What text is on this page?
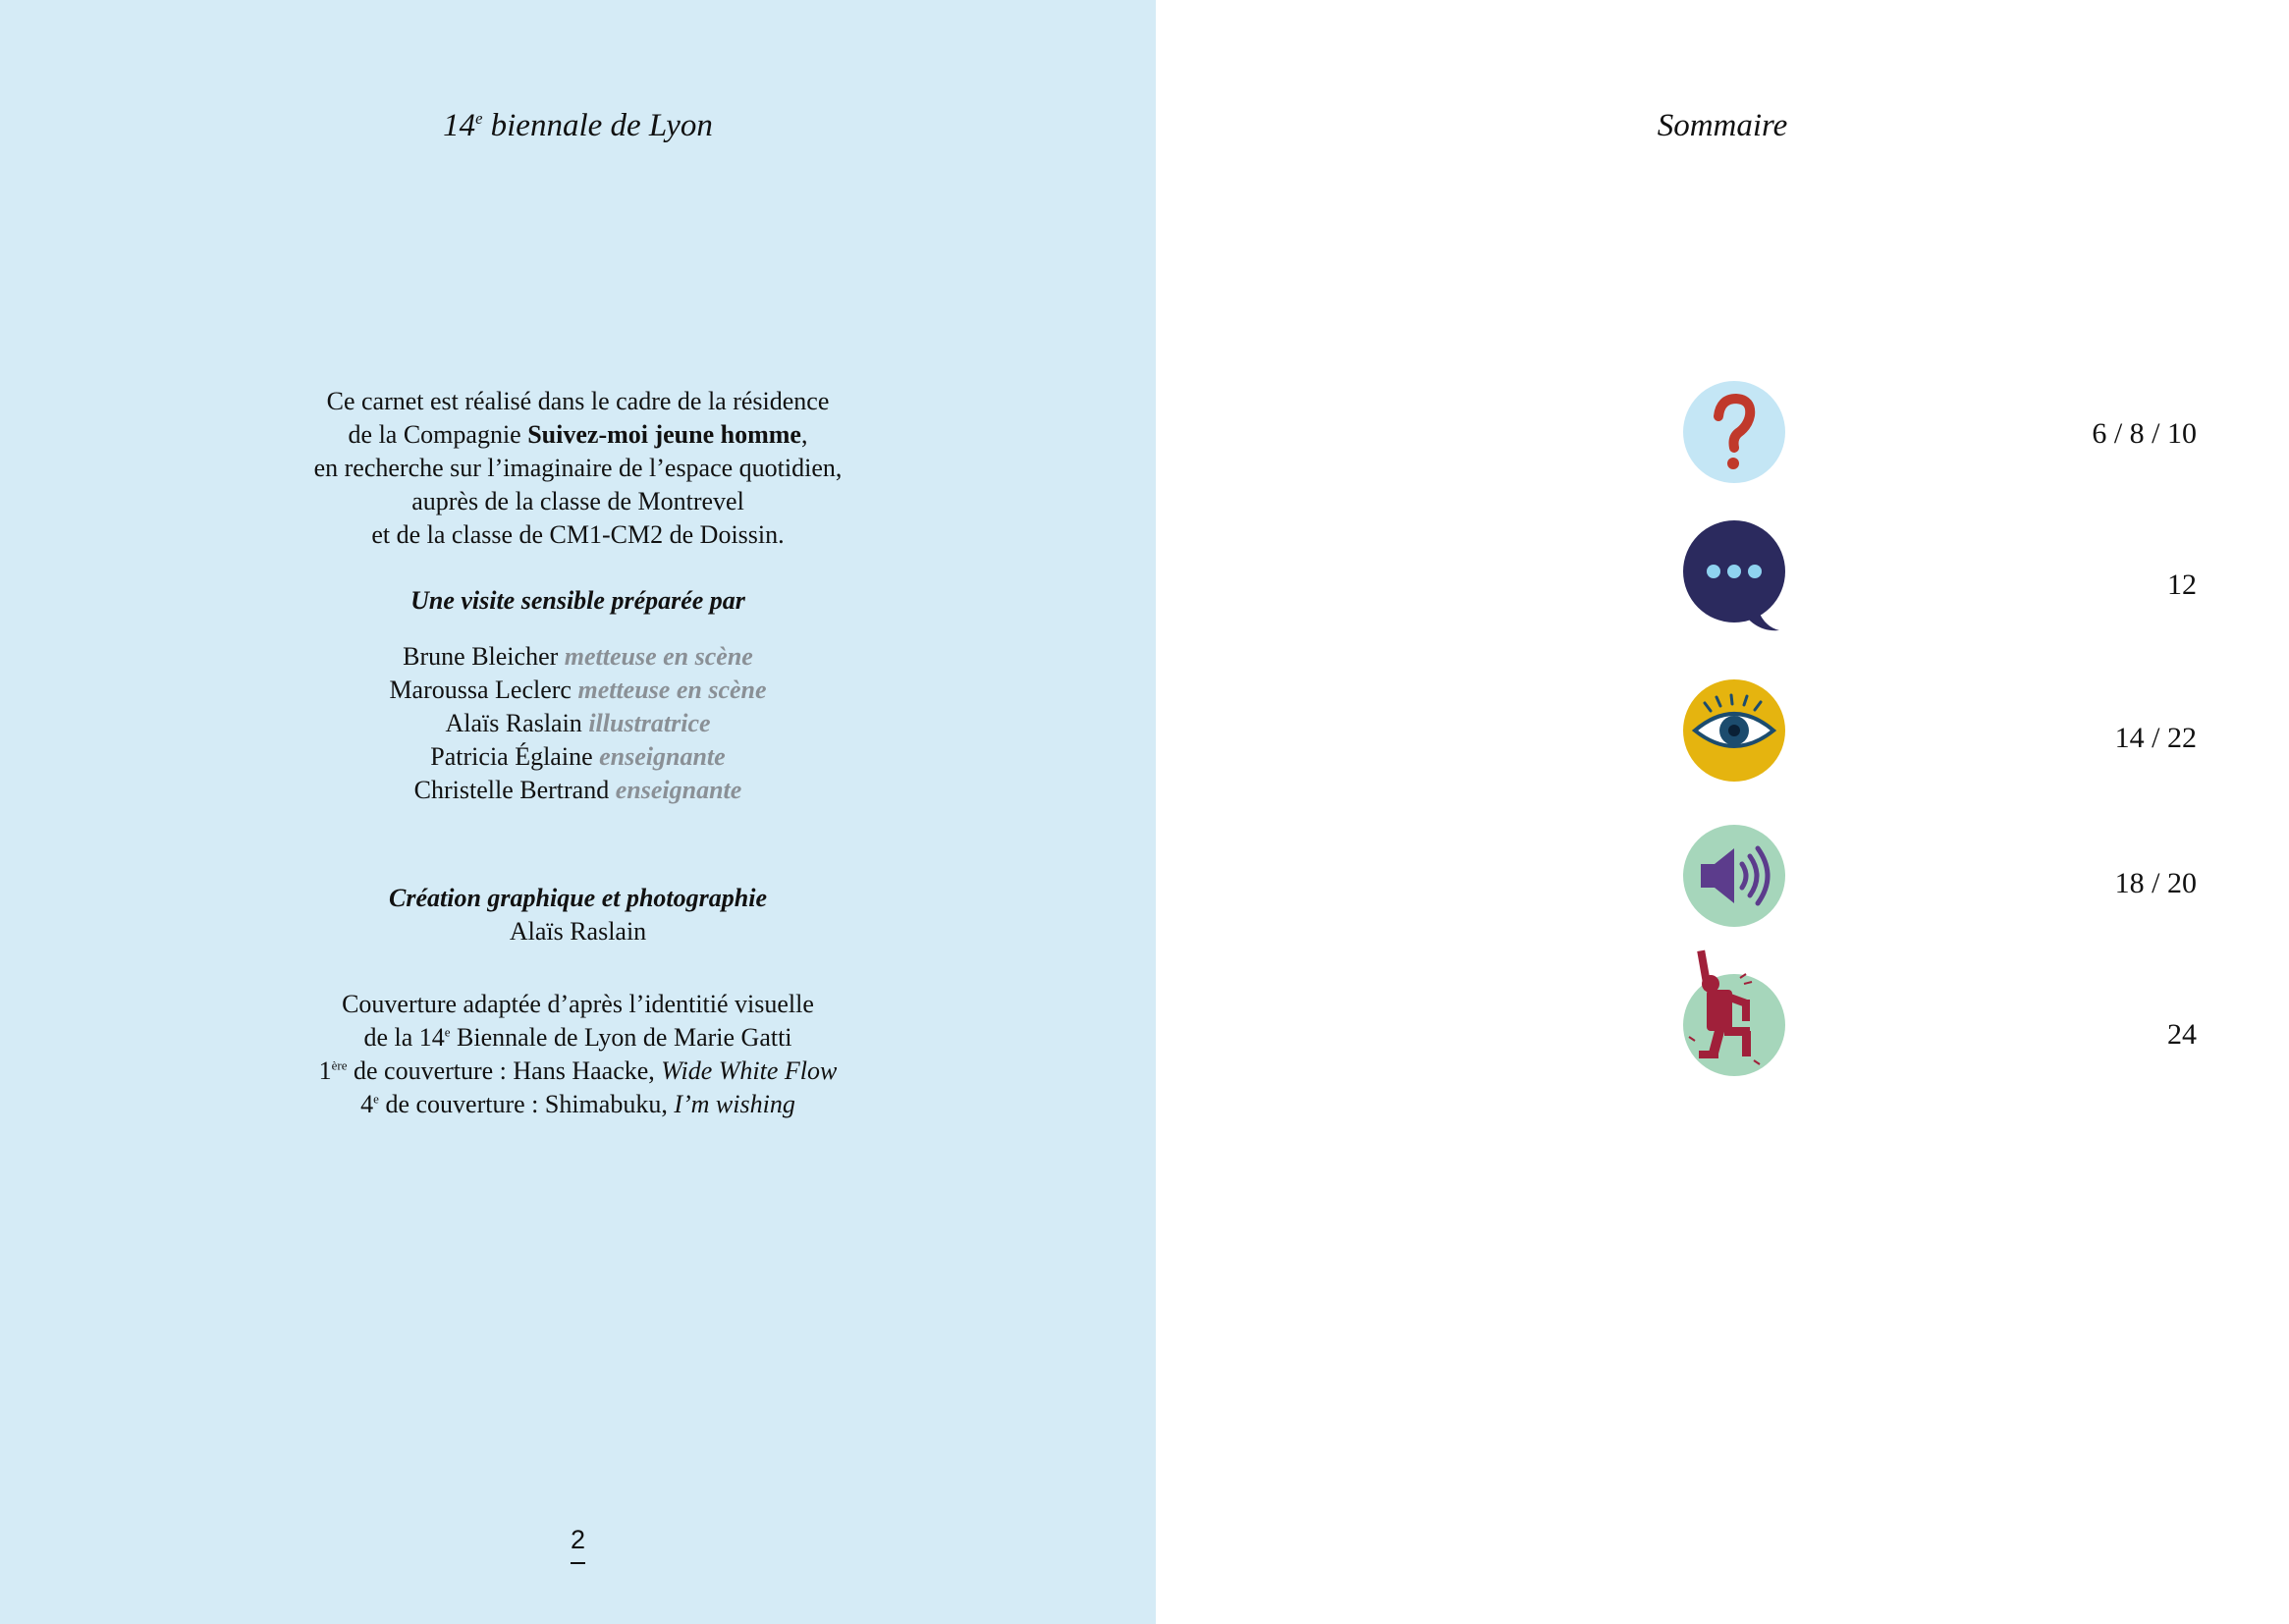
14e biennale de Lyon
Ce carnet est réalisé dans le cadre de la résidence
de la Compagnie Suivez-moi jeune homme,
en recherche sur l’imaginaire de l’espace quotidien,
auprès de la classe de Montrevel
et de la classe de CM1-CM2 de Doissin.
Une visite sensible préparée par
Brune Bleicher metteuse en scène
Maroussa Leclerc metteuse en scène
Alaïs Raslain illustratrice
Patricia Églaine enseignante
Christelle Bertrand enseignante
Création graphique et photographie
Alaïs Raslain
Couverture adaptée d’après l’identitié visuelle
de la 14e Biennale de Lyon de Marie Gatti
1ère de couverture : Hans Haacke, Wide White Flow
4e de couverture : Shimabuku, I’m wishing
2
Sommaire
6 / 8 / 10
12
14 / 22
18 / 20
24
